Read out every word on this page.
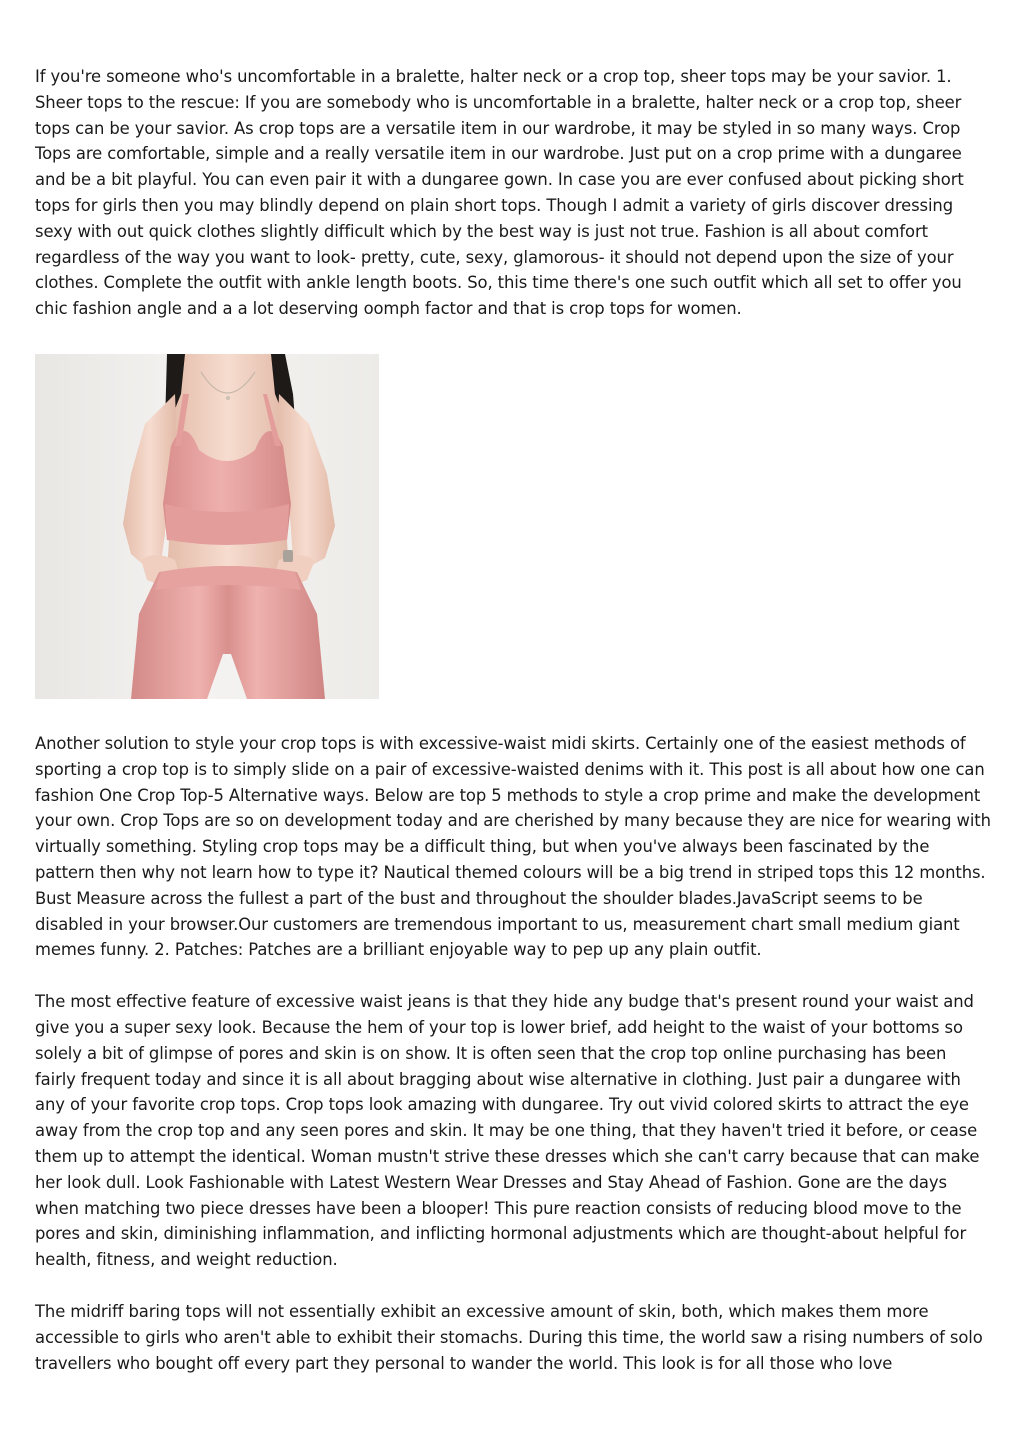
If you're someone who's uncomfortable in a bralette, halter neck or a crop top, sheer tops may be your savior. 1. Sheer tops to the rescue: If you are somebody who is uncomfortable in a bralette, halter neck or a crop top, sheer tops can be your savior. As crop tops are a versatile item in our wardrobe, it may be styled in so many ways. Crop Tops are comfortable, simple and a really versatile item in our wardrobe. Just put on a crop prime with a dungaree and be a bit playful. You can even pair it with a dungaree gown. In case you are ever confused about picking short tops for girls then you may blindly depend on plain short tops. Though I admit a variety of girls discover dressing sexy with out quick clothes slightly difficult which by the best way is just not true. Fashion is all about comfort regardless of the way you want to look- pretty, cute, sexy, glamorous- it should not depend upon the size of your clothes. Complete the outfit with ankle length boots. So, this time there's one such outfit which all set to offer you chic fashion angle and a a lot deserving oomph factor and that is crop tops for women.

Another solution to style your crop tops is with excessive-waist midi skirts. Certainly one of the easiest methods of sporting a crop top is to simply slide on a pair of excessive-waisted denims with it. This post is all about how one can fashion One Crop Top-5 Alternative ways. Below are top 5 methods to style a crop prime and make the development your own. Crop Tops are so on development today and are cherished by many because they are nice for wearing with virtually something. Styling crop tops may be a difficult thing, but when you've always been fascinated by the pattern then why not learn how to type it? Nautical themed colours will be a big trend in striped tops this 12 months. Bust Measure across the fullest a part of the bust and throughout the shoulder blades.JavaScript seems to be disabled in your browser.Our customers are tremendous important to us, measurement chart small medium giant memes funny. 2. Patches: Patches are a brilliant enjoyable way to pep up any plain outfit.

The most effective feature of excessive waist jeans is that they hide any budge that's present round your waist and give you a super sexy look. Because the hem of your top is lower brief, add height to the waist of your bottoms so solely a bit of glimpse of pores and skin is on show. It is often seen that the crop top online purchasing has been fairly frequent today and since it is all about bragging about wise alternative in clothing. Just pair a dungaree with any of your favorite crop tops. Crop tops look amazing with dungaree. Try out vivid colored skirts to attract the eye away from the crop top and any seen pores and skin. It may be one thing, that they haven't tried it before, or cease them up to attempt the identical. Woman mustn't strive these dresses which she can't carry because that can make her look dull. Look Fashionable with Latest Western Wear Dresses and Stay Ahead of Fashion. Gone are the days when matching two piece dresses have been a blooper! This pure reaction consists of reducing blood move to the pores and skin, diminishing inflammation, and inflicting hormonal adjustments which are thought-about helpful for health, fitness, and weight reduction.

The midriff baring tops will not essentially exhibit an excessive amount of skin, both, which makes them more accessible to girls who aren't able to exhibit their stomachs. During this time, the world saw a rising numbers of solo travellers who bought off every part they personal to wander the world. This look is for all those who love
